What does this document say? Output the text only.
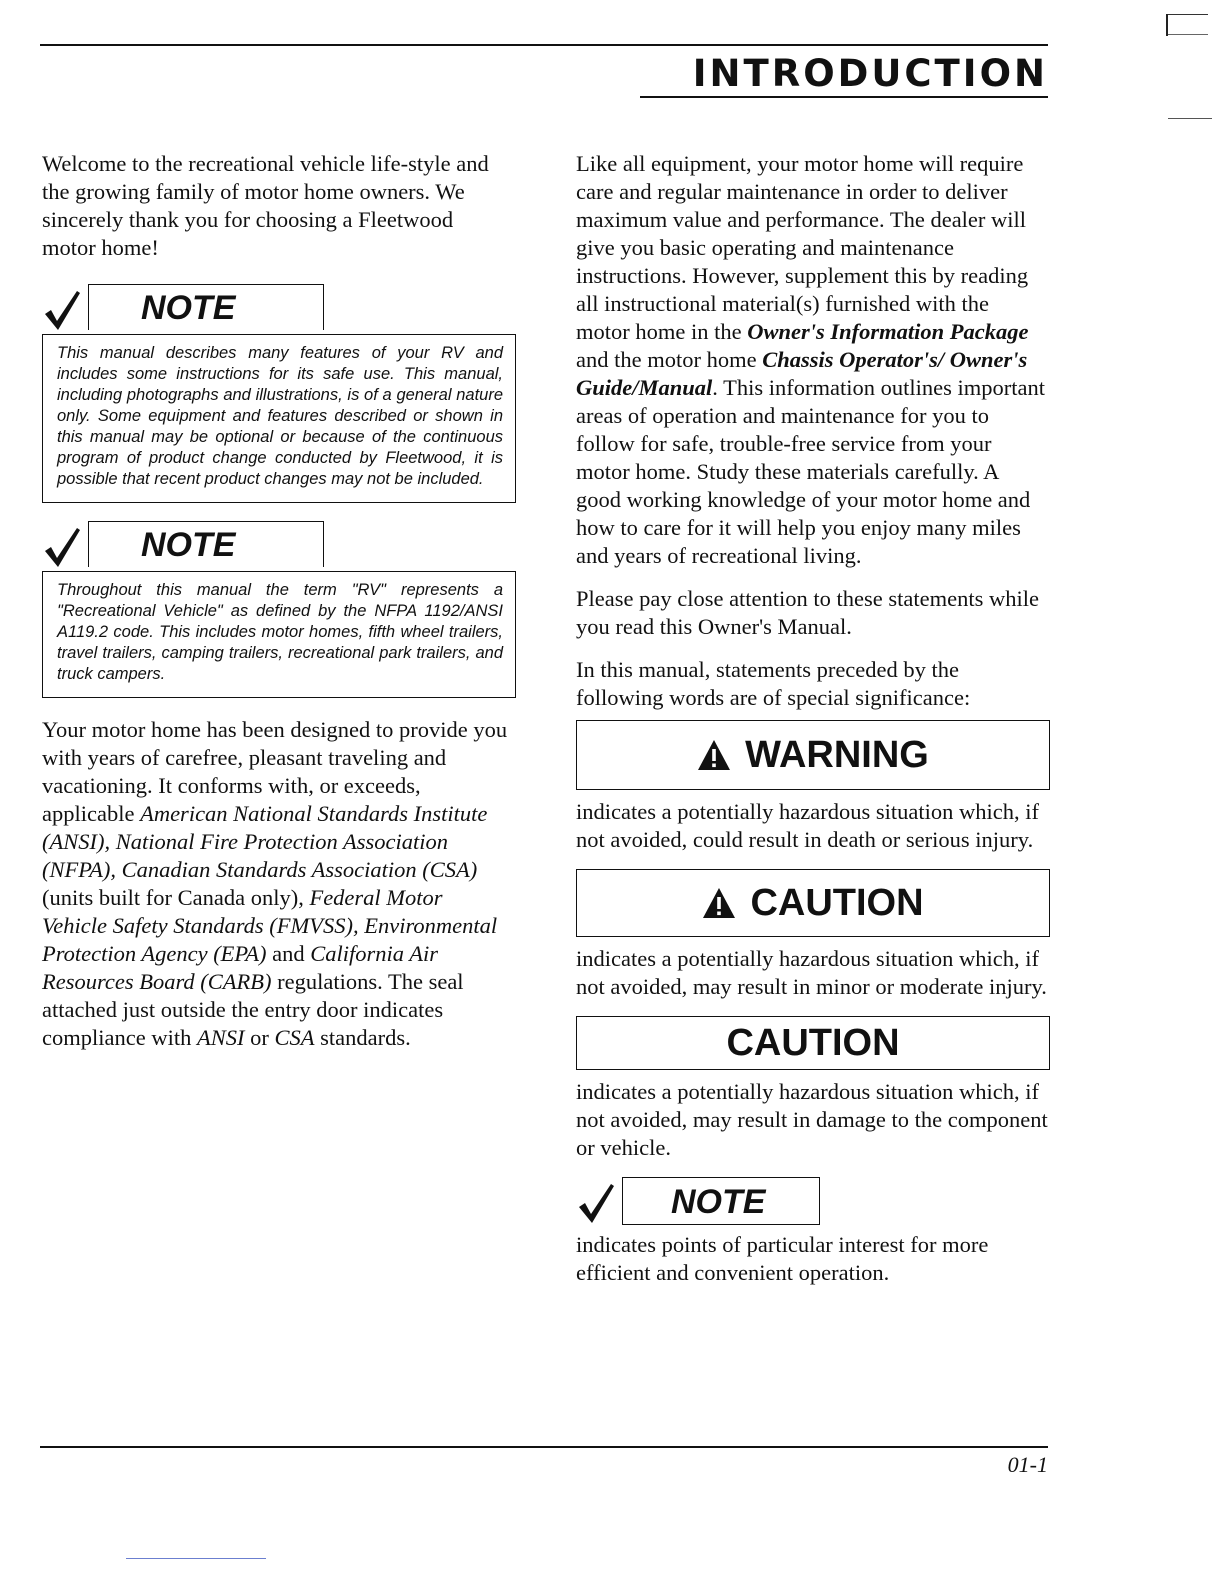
INTRODUCTION

Welcome to the recreational vehicle life-style and the growing family of motor home owners. We sincerely thank you for choosing a Fleetwood motor home!

NOTE
This manual describes many features of your RV and includes some instructions for its safe use. This manual, including photographs and illustrations, is of a general nature only. Some equipment and features described or shown in this manual may be optional or because of the continuous program of product change conducted by Fleetwood, it is possible that recent product changes may not be included.
NOTE
Throughout this manual the term "RV" represents a "Recreational Vehicle" as defined by the NFPA 1192/ANSI A119.2 code. This includes motor homes, fifth wheel trailers, travel trailers, camping trailers, recreational park trailers, and truck campers.

Your motor home has been designed to provide you with years of carefree, pleasant traveling and vacationing. It conforms with, or exceeds, applicable American National Standards Institute (ANSI), National Fire Protection Association (NFPA), Canadian Standards Association (CSA) (units built for Canada only), Federal Motor Vehicle Safety Standards (FMVSS), Environmental Protection Agency (EPA) and California Air Resources Board (CARB) regulations. The seal attached just outside the entry door indicates compliance with ANSI or CSA standards.

Like all equipment, your motor home will require care and regular maintenance in order to deliver maximum value and performance. The dealer will give you basic operating and maintenance instructions. However, supplement this by reading all instructional material(s) furnished with the motor home in the Owner's Information Package and the motor home Chassis Operator's/ Owner's Guide/Manual. This information outlines important areas of operation and maintenance for you to follow for safe, trouble-free service from your motor home. Study these materials carefully. A good working knowledge of your motor home and how to care for it will help you enjoy many miles and years of recreational living.

Please pay close attention to these statements while you read this Owner's Manual.

In this manual, statements preceded by the following words are of special significance:

WARNING

indicates a potentially hazardous situation which, if not avoided, could result in death or serious injury.

CAUTION

indicates a potentially hazardous situation which, if not avoided, may result in minor or moderate injury.

CAUTION

indicates a potentially hazardous situation which, if not avoided, may result in damage to the component or vehicle.

NOTE

indicates points of particular interest for more efficient and convenient operation.

01-1
